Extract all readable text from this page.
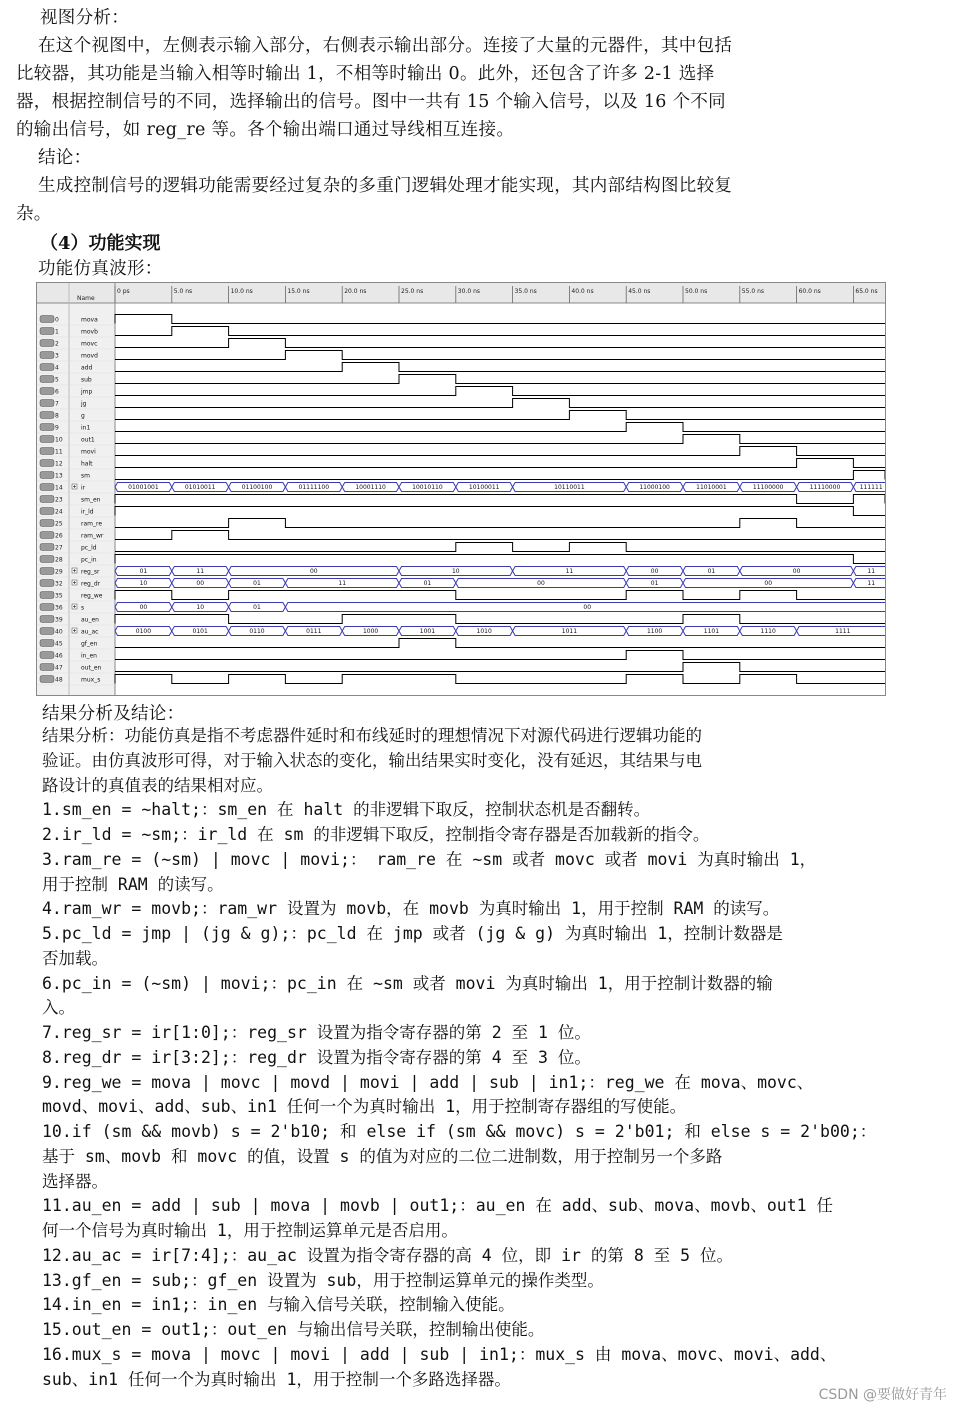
视图分析：
在这个视图中，左侧表示输入部分，右侧表示输出部分。连接了大量的元器件，其中包括
比较器，其功能是当输入相等时输出 1，不相等时输出 0。此外，还包含了许多 2-1 选择
器，根据控制信号的不同，选择输出的信号。图中一共有 15 个输入信号，以及 16 个不同
的输出信号，如 reg_re 等。各个输出端口通过导线相互连接。
结论：
生成控制信号的逻辑功能需要经过复杂的多重门逻辑处理才能实现，其内部结构图比较复
杂。
（4）功能实现
功能仿真波形：
Name
0 ps	5.0 ns	10.0 ns	15.0 ns	20.0 ns	25.0 ns	30.0 ns	35.0 ns	40.0 ns	45.0 ns	50.0 ns	55.0 ns	60.0 ns	65.0 ns
0	mova
1	movb
2	movc
3	movd
4	add
5	sub
6	jmp
7	jg
8	g
9	in1
10	out1
11	movi
12	halt
13	sm
14	ir	01001001	01010011	01100100	01111100	10001110	10010110	10100011	10110011	11000100	11010001	11100000	11110000	111111
23	sm_en
24	ir_ld
25	ram_re
26	ram_wr
27	pc_ld
28	pc_in
29	reg_sr	01	11	00	10	11	00	01	00	11
32	reg_dr	10	00	01	11	01	00	01	00	11
35	reg_we
36	s	00	10	01	00
39	au_en
40	au_ac	0100	0101	0110	0111	1000	1001	1010	1011	1100	1101	1110	1111
45	gf_en
46	in_en
47	out_en
48	mux_s
结果分析及结论：
结果分析：功能仿真是指不考虑器件延时和布线延时的理想情况下对源代码进行逻辑功能的
验证。由仿真波形可得，对于输入状态的变化，输出结果实时变化，没有延迟，其结果与电
路设计的真值表的结果相对应。
1.sm_en = ~halt;：sm_en 在 halt 的非逻辑下取反，控制状态机是否翻转。
2.ir_ld = ~sm;：ir_ld 在 sm 的非逻辑下取反，控制指令寄存器是否加载新的指令。
3.ram_re = (~sm) | movc | movi;： ram_re 在 ~sm 或者 movc 或者 movi 为真时输出 1，
用于控制 RAM 的读写。
4.ram_wr = movb;：ram_wr 设置为 movb，在 movb 为真时输出 1，用于控制 RAM 的读写。
5.pc_ld = jmp | (jg & g);：pc_ld 在 jmp 或者 (jg & g) 为真时输出 1，控制计数器是
否加载。
6.pc_in = (~sm) | movi;：pc_in 在 ~sm 或者 movi 为真时输出 1，用于控制计数器的输
入。
7.reg_sr = ir[1:0];：reg_sr 设置为指令寄存器的第 2 至 1 位。
8.reg_dr = ir[3:2];：reg_dr 设置为指令寄存器的第 4 至 3 位。
9.reg_we = mova | movc | movd | movi | add | sub | in1;：reg_we 在 mova、movc、
movd、movi、add、sub、in1 任何一个为真时输出 1，用于控制寄存器组的写使能。
10.if (sm && movb) s = 2'b10; 和 else if (sm && movc) s = 2'b01; 和 else s = 2'b00;：
基于 sm、movb 和 movc 的值，设置 s 的值为对应的二位二进制数，用于控制另一个多路
选择器。
11.au_en = add | sub | mova | movb | out1;：au_en 在 add、sub、mova、movb、out1 任
何一个信号为真时输出 1，用于控制运算单元是否启用。
12.au_ac = ir[7:4];：au_ac 设置为指令寄存器的高 4 位，即 ir 的第 8 至 5 位。
13.gf_en = sub;：gf_en 设置为 sub，用于控制运算单元的操作类型。
14.in_en = in1;：in_en 与输入信号关联，控制输入使能。
15.out_en = out1;：out_en 与输出信号关联，控制输出使能。
16.mux_s = mova | movc | movi | add | sub | in1;：mux_s 由 mova、movc、movi、add、
sub、in1 任何一个为真时输出 1，用于控制一个多路选择器。
CSDN @要做好青年
